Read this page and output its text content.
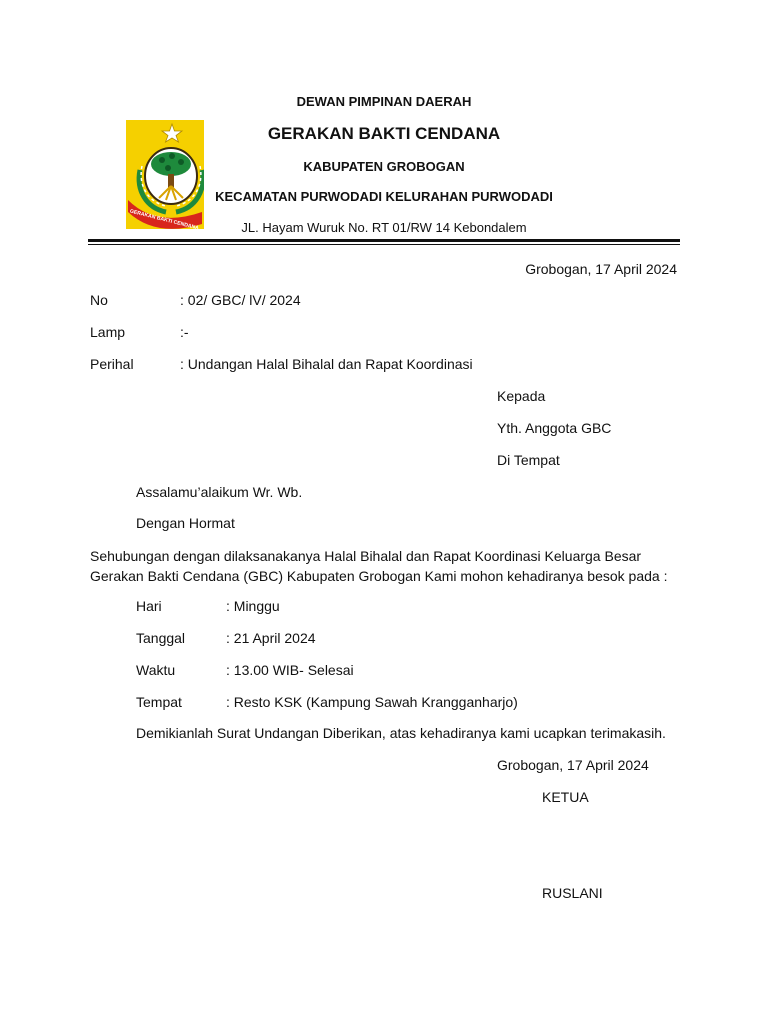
DEWAN PIMPINAN DAERAH
GERAKAN BAKTI CENDANA
KABUPATEN GROBOGAN
KECAMATAN PURWODADI KELURAHAN PURWODADI
JL. Hayam Wuruk No. RT 01/RW 14 Kebondalem
GERAKAN BAKTI CENDANA
Grobogan, 17 April 2024
No	: 02/ GBC/ lV/ 2024
Lamp	:-
Perihal	: Undangan Halal Bihalal dan Rapat Koordinasi
Kepada
Yth. Anggota GBC
Di Tempat
Assalamu’alaikum Wr. Wb.
Dengan Hormat
Sehubungan dengan dilaksanakanya Halal Bihalal dan Rapat Koordinasi Keluarga Besar Gerakan Bakti Cendana (GBC) Kabupaten Grobogan Kami mohon kehadiranya besok pada :
Hari	: Minggu
Tanggal	: 21 April 2024
Waktu	: 13.00 WIB- Selesai
Tempat	: Resto KSK (Kampung Sawah Krangganharjo)
Demikianlah Surat Undangan Diberikan, atas kehadiranya kami ucapkan terimakasih.
Grobogan, 17 April 2024
KETUA
RUSLANI
